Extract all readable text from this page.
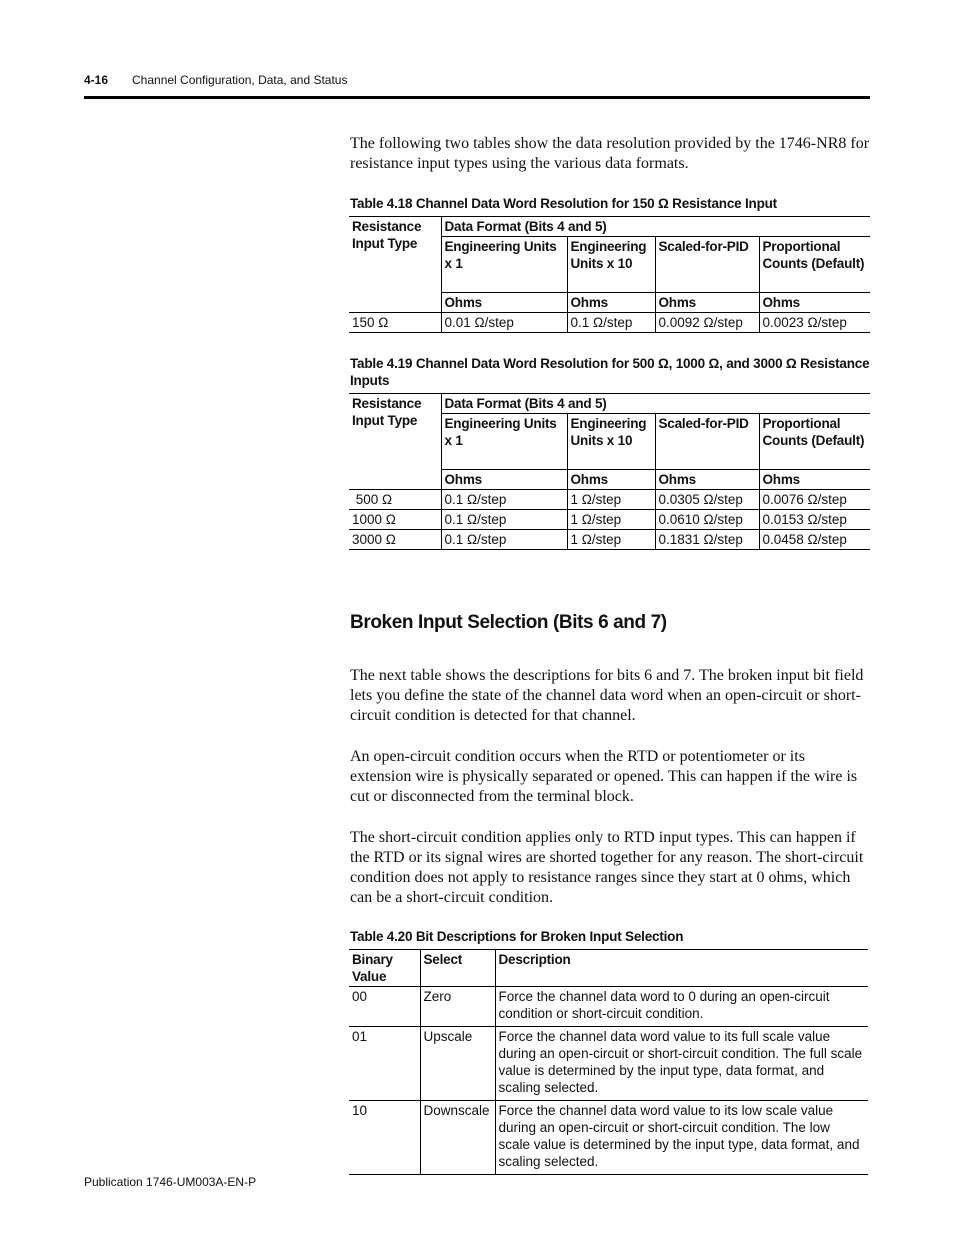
4-16 Channel Configuration, Data, and Status

The following two tables show the data resolution provided by the 1746-NR8 for resistance input types using the various data formats.

Table 4.18 Channel Data Word Resolution for 150 Ω Resistance Input

Resistance Input Type	Data Format (Bits 4 and 5)			
	Engineering Units x 1	Engineering Units x 10	Scaled-for-PID	Proportional Counts (Default)
	Ohms	Ohms	Ohms	Ohms
150 Ω	0.01 Ω/step	0.1 Ω/step	0.0092 Ω/step	0.0023 Ω/step

Table 4.19 Channel Data Word Resolution for 500 Ω, 1000 Ω, and 3000 Ω Resistance Inputs

Resistance Input Type	Data Format (Bits 4 and 5)			
	Engineering Units x 1	Engineering Units x 10	Scaled-for-PID	Proportional Counts (Default)
	Ohms	Ohms	Ohms	Ohms
500 Ω	0.1 Ω/step	1 Ω/step	0.0305 Ω/step	0.0076 Ω/step
1000 Ω	0.1 Ω/step	1 Ω/step	0.0610 Ω/step	0.0153 Ω/step
3000 Ω	0.1 Ω/step	1 Ω/step	0.1831 Ω/step	0.0458 Ω/step
Broken Input Selection (Bits 6 and 7)

The next table shows the descriptions for bits 6 and 7. The broken input bit field lets you define the state of the channel data word when an open-circuit or short-circuit condition is detected for that channel.

An open-circuit condition occurs when the RTD or potentiometer or its extension wire is physically separated or opened. This can happen if the wire is cut or disconnected from the terminal block.

The short-circuit condition applies only to RTD input types. This can happen if the RTD or its signal wires are shorted together for any reason. The short-circuit condition does not apply to resistance ranges since they start at 0 ohms, which can be a short-circuit condition.

Table 4.20 Bit Descriptions for Broken Input Selection

Binary Value	Select	Description
00	Zero	Force the channel data word to 0 during an open-circuit condition or short-circuit condition.
01	Upscale	Force the channel data word value to its full scale value during an open-circuit or short-circuit condition. The full scale value is determined by the input type, data format, and scaling selected.
10	Downscale	Force the channel data word value to its low scale value during an open-circuit or short-circuit condition. The low scale value is determined by the input type, data format, and scaling selected.
Publication 1746-UM003A-EN-P
